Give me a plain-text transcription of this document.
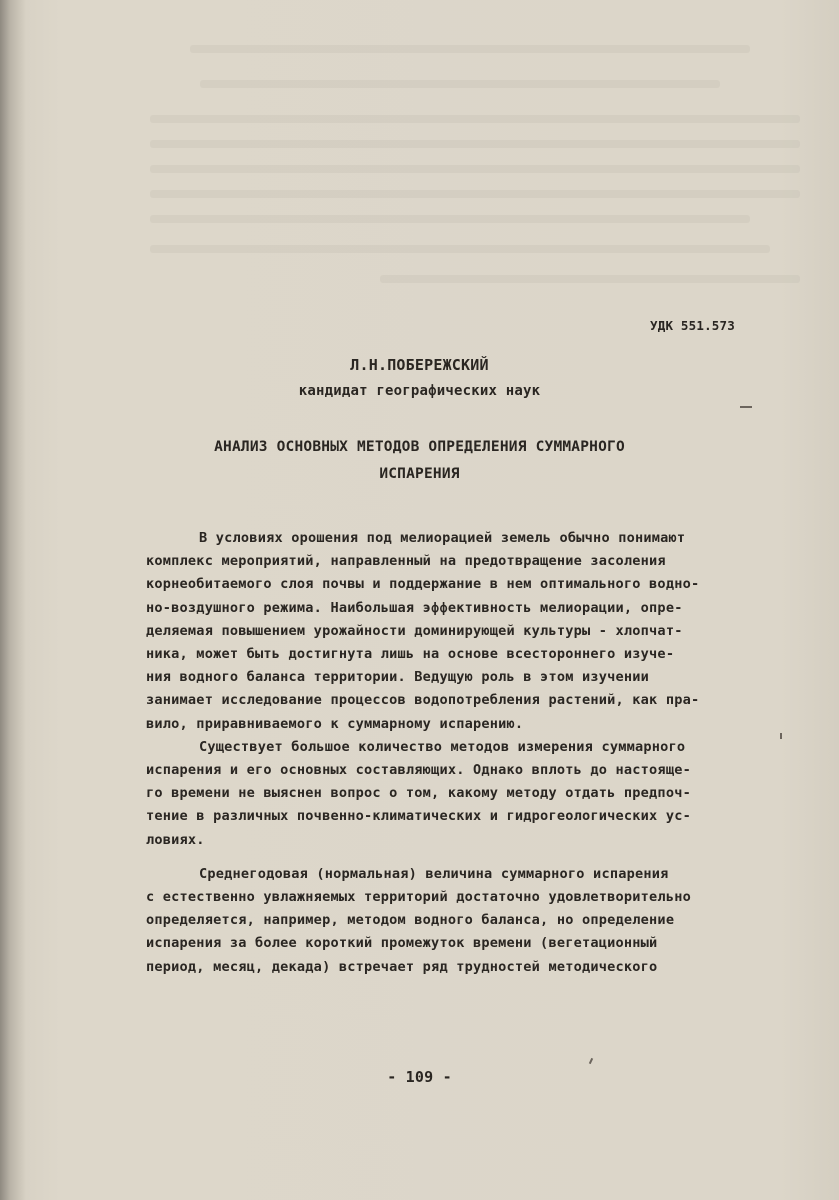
УДК 551.573
Л.Н.ПОБЕРЕЖСКИЙ
кандидат географических наук
АНАЛИЗ ОСНОВНЫХ МЕТОДОВ ОПРЕДЕЛЕНИЯ СУММАРНОГО
ИСПАРЕНИЯ
В условиях орошения под мелиорацией земель обычно понимают
комплекс мероприятий, направленный на предотвращение засоления
корнеобитаемого слоя почвы и поддержание в нем оптимального водно-
но-воздушного режима. Наибольшая эффективность мелиорации, опре-
деляемая повышением урожайности доминирующей культуры - хлопчат-
ника, может быть достигнута лишь на основе всестороннего изуче-
ния водного баланса территории. Ведущую роль в этом изучении
занимает исследование процессов водопотребления растений, как пра-
вило, приравниваемого к суммарному испарению.
Существует большое количество методов измерения суммарного
испарения и его основных составляющих. Однако вплоть до настояще-
го времени не выяснен вопрос о том, какому методу отдать предпоч-
тение в различных почвенно-климатических и гидрогеологических ус-
ловиях.
Среднегодовая (нормальная) величина суммарного испарения
с естественно увлажняемых территорий достаточно удовлетворительно
определяется, например, методом водного баланса, но определение
испарения за более короткий промежуток времени (вегетационный
период, месяц, декада) встречает ряд трудностей методического
- 109 -
